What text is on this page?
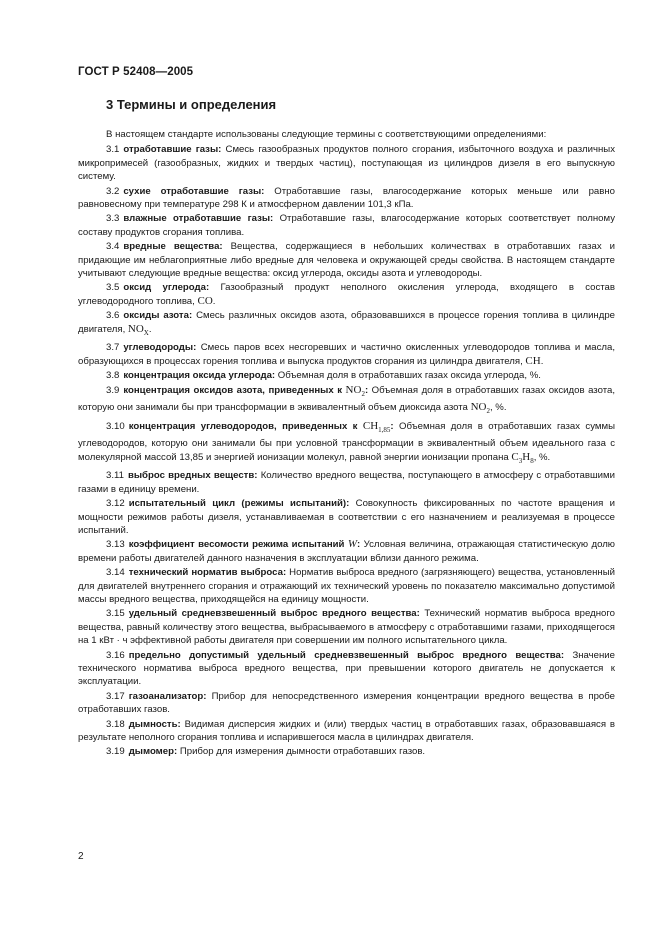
ГОСТ Р 52408—2005
3 Термины и определения

В настоящем стандарте использованы следующие термины с соответствующими определениями:

3.1 отработавшие газы: Смесь газообразных продуктов полного сгорания, избыточного воздуха и различных микропримесей (газообразных, жидких и твердых частиц), поступающая из цилиндров дизеля в его выпускную систему.

3.2 сухие отработавшие газы: Отработавшие газы, влагосодержание которых меньше или равно равновесному при температуре 298 К и атмосферном давлении 101,3 кПа.

3.3 влажные отработавшие газы: Отработавшие газы, влагосодержание которых соответствует полному составу продуктов сгорания топлива.

3.4 вредные вещества: Вещества, содержащиеся в небольших количествах в отработавших газах и придающие им неблагоприятные либо вредные для человека и окружающей среды свойства. В настоящем стандарте учитывают следующие вредные вещества: оксид углерода, оксиды азота и углеводороды.

3.5 оксид углерода: Газообразный продукт неполного окисления углерода, входящего в состав углеводородного топлива, CO.

3.6 оксиды азота: Смесь различных оксидов азота, образовавшихся в процессе горения топлива в цилиндре двигателя, $NO_X$.

3.7 углеводороды: Смесь паров всех несгоревших и частично окисленных углеводородов топлива и масла, образующихся в процессах горения топлива и выпуска продуктов сгорания из цилиндра двигателя, CH.

3.8 концентрация оксида углерода: Объемная доля в отработавших газах оксида углерода, %.

3.9 концентрация оксидов азота, приведенных к $NO_2$: Объемная доля в отработавших газах оксидов азота, которую они занимали бы при трансформации в эквивалентный объем диоксида азота $NO_2$, %.

3.10 концентрация углеводородов, приведенных к $CH_{1,85}$: Объемная доля в отработавших газах суммы углеводородов, которую они занимали бы при условной трансформации в эквивалентный объем идеального газа с молекулярной массой 13,85 и энергией ионизации молекул, равной энергии ионизации пропана $C_3H_8$, %.

3.11 выброс вредных веществ: Количество вредного вещества, поступающего в атмосферу с отработавшими газами в единицу времени.

3.12 испытательный цикл (режимы испытаний): Совокупность фиксированных по частоте вращения и мощности режимов работы дизеля, устанавливаемая в соответствии с его назначением и реализуемая в процессе испытаний.

3.13 коэффициент весомости режима испытаний W: Условная величина, отражающая статистическую долю времени работы двигателей данного назначения в эксплуатации вблизи данного режима.

3.14 технический норматив выброса: Норматив выброса вредного (загрязняющего) вещества, установленный для двигателей внутреннего сгорания и отражающий их технический уровень по показателю максимально допустимой массы вредного вещества, приходящейся на единицу мощности.

3.15 удельный средневзвешенный выброс вредного вещества: Технический норматив выброса вредного вещества, равный количеству этого вещества, выбрасываемого в атмосферу с отработавшими газами, приходящегося на 1 кВт · ч эффективной работы двигателя при совершении им полного испытательного цикла.

3.16 предельно допустимый удельный средневзвешенный выброс вредного вещества: Значение технического норматива выброса вредного вещества, при превышении которого двигатель не допускается к эксплуатации.

3.17 газоанализатор: Прибор для непосредственного измерения концентрации вредного вещества в пробе отработавших газов.

3.18 дымность: Видимая дисперсия жидких и (или) твердых частиц в отработавших газах, образовавшаяся в результате неполного сгорания топлива и испарившегося масла в цилиндрах двигателя.

3.19 дымомер: Прибор для измерения дымности отработавших газов.

2
